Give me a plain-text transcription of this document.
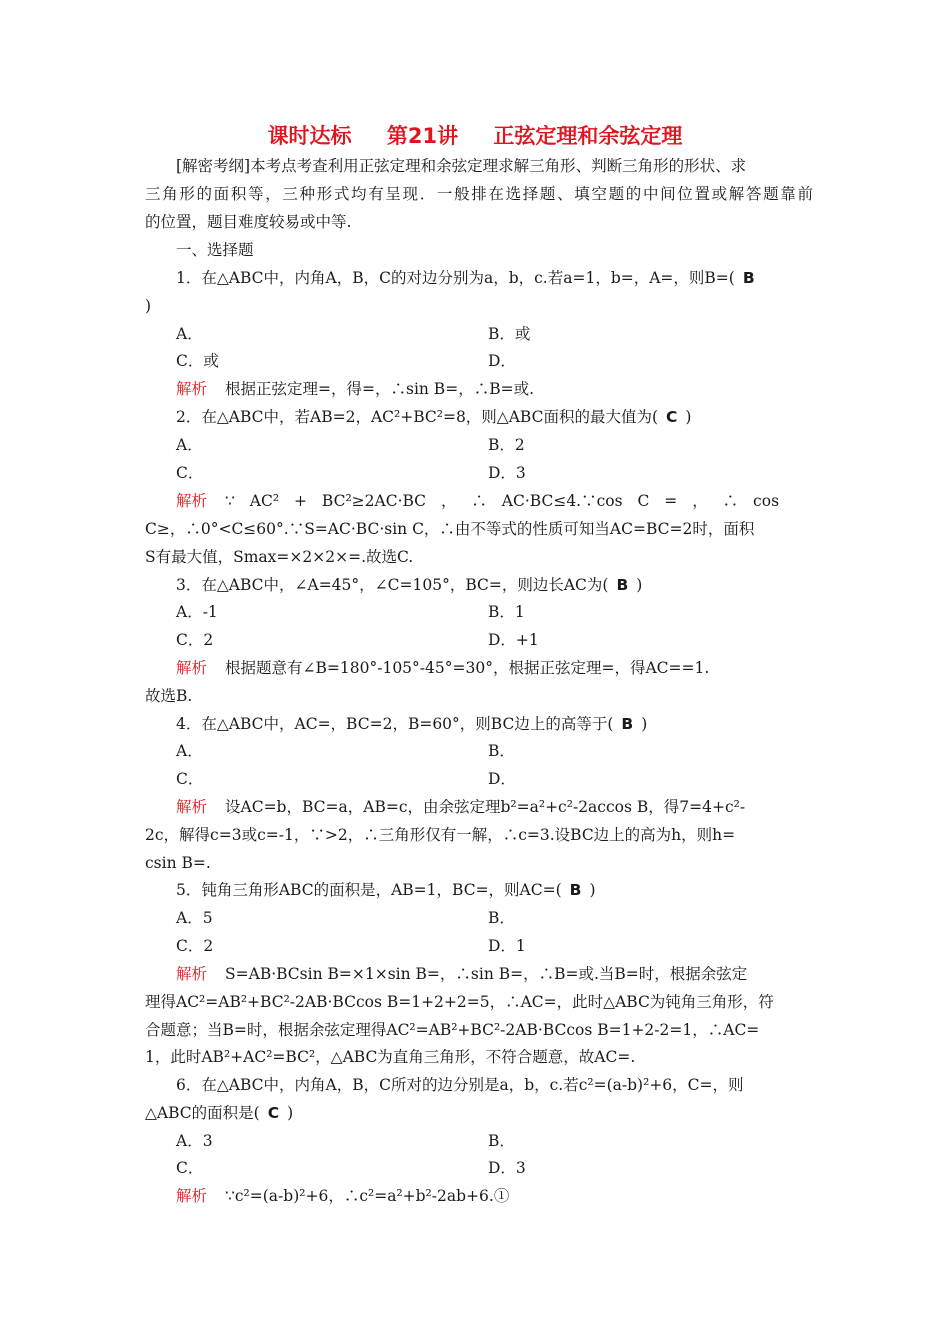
课时达标 第21讲 正弦定理和余弦定理
[解密考纲]本考点考查利用正弦定理和余弦定理求解三角形、判断三角形的形状、求
三角形的面积等，三种形式均有呈现．一般排在选择题、填空题的中间位置或解答题靠前
的位置，题目难度较易或中等.
一、选择题
1．在△ABC中，内角A，B，C的对边分别为a，b，c.若a=1，b=，A=，则B=( B
)
A．	B．或
C．或	D．
解析 根据正弦定理=，得=，∴sin B=，∴B=或.
2．在△ABC中，若AB=2，AC²+BC²=8，则△ABC面积的最大值为( C )
A．	B．2
C．	D．3
解析 ∵ AC² + BC²≥2AC·BC ， ∴ AC·BC≤4.∵cos C = ， ∴ cos
C≥，∴0°<C≤60°.∵S=AC·BC·sin C，∴由不等式的性质可知当AC=BC=2时，面积
S有最大值，Smax=×2×2×=.故选C.
3．在△ABC中，∠A=45°，∠C=105°，BC=，则边长AC为( B )
A．-1	B．1
C．2	D．+1
解析 根据题意有∠B=180°-105°-45°=30°，根据正弦定理=，得AC==1.
故选B.
4．在△ABC中，AC=，BC=2，B=60°，则BC边上的高等于( B )
A．	B．
C．	D．
解析 设AC=b，BC=a，AB=c，由余弦定理b²=a²+c²-2accos B，得7=4+c²-
2c，解得c=3或c=-1，∵>2，∴三角形仅有一解，∴c=3.设BC边上的高为h，则h=
csin B=.
5．钝角三角形ABC的面积是，AB=1，BC=，则AC=( B )
A．5	B．
C．2	D．1
解析 S=AB·BCsin B=×1×sin B=，∴sin B=，∴B=或.当B=时，根据余弦定
理得AC²=AB²+BC²-2AB·BCcos B=1+2+2=5，∴AC=，此时△ABC为钝角三角形，符
合题意；当B=时，根据余弦定理得AC²=AB²+BC²-2AB·BCcos B=1+2-2=1，∴AC=
1，此时AB²+AC²=BC²，△ABC为直角三角形，不符合题意，故AC=.
6．在△ABC中，内角A，B，C所对的边分别是a，b，c.若c²=(a-b)²+6，C=，则
△ABC的面积是( C )
A．3	B．
C．	D．3
解析 ∵c²=(a-b)²+6，∴c²=a²+b²-2ab+6.①
